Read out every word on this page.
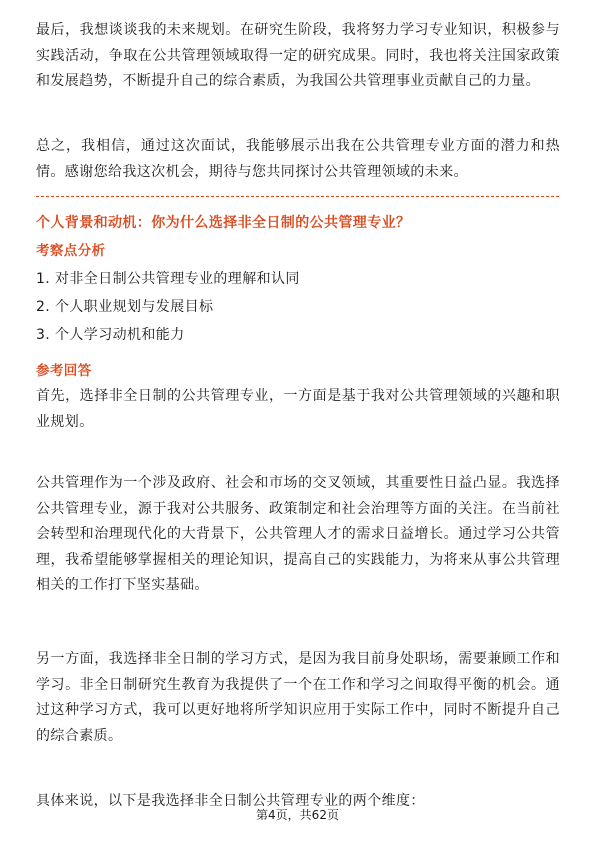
最后，我想谈谈我的未来规划。在研究生阶段，我将努力学习专业知识，积极参与实践活动，争取在公共管理领域取得一定的研究成果。同时，我也将关注国家政策和发展趋势，不断提升自己的综合素质，为我国公共管理事业贡献自己的力量。

总之，我相信，通过这次面试，我能够展示出我在公共管理专业方面的潜力和热情。感谢您给我这次机会，期待与您共同探讨公共管理领域的未来。

个人背景和动机：你为什么选择非全日制的公共管理专业？
考察点分析
1. 对非全日制公共管理专业的理解和认同
2. 个人职业规划与发展目标
3. 个人学习动机和能力
参考回答

首先，选择非全日制的公共管理专业，一方面是基于我对公共管理领域的兴趣和职业规划。

公共管理作为一个涉及政府、社会和市场的交叉领域，其重要性日益凸显。我选择公共管理专业，源于我对公共服务、政策制定和社会治理等方面的关注。在当前社会转型和治理现代化的大背景下，公共管理人才的需求日益增长。通过学习公共管理，我希望能够掌握相关的理论知识，提高自己的实践能力，为将来从事公共管理相关的工作打下坚实基础。

另一方面，我选择非全日制的学习方式，是因为我目前身处职场，需要兼顾工作和学习。非全日制研究生教育为我提供了一个在工作和学习之间取得平衡的机会。通过这种学习方式，我可以更好地将所学知识应用于实际工作中，同时不断提升自己的综合素质。

具体来说，以下是我选择非全日制公共管理专业的两个维度：

第4页，共62页
